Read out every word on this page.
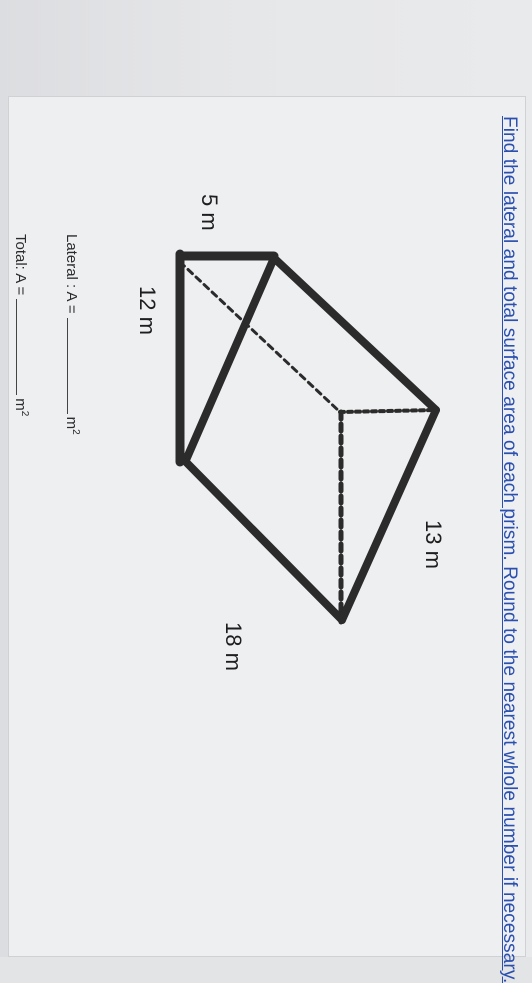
Find the lateral and total surface area of each prism. Round to the nearest whole number if necessary.
5 m
12 m
13 m
18 m
Lateral : A =
m
2
Total: A =
m
2
